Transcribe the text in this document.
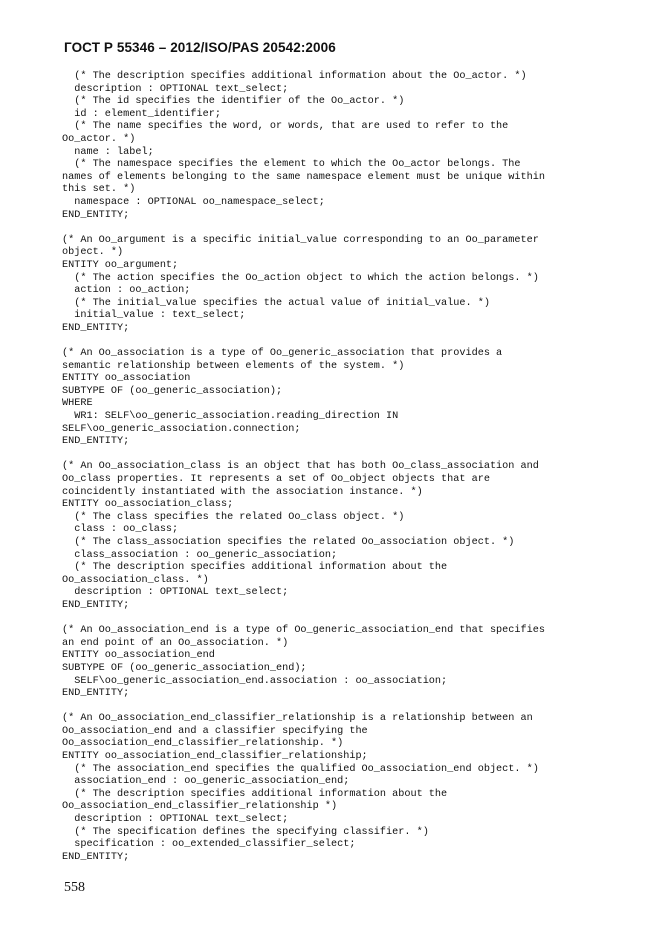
ГОСТ Р 55346 – 2012/ISO/PAS 20542:2006
(* The description specifies additional information about the Oo_actor. *)
description : OPTIONAL text_select;
(* The id specifies the identifier of the Oo_actor. *)
id : element_identifier;
(* The name specifies the word, or words, that are used to refer to the
Oo_actor. *)
name : label;
(* The namespace specifies the element to which the Oo_actor belongs. The
names of elements belonging to the same namespace element must be unique within
this set. *)
namespace : OPTIONAL oo_namespace_select;
END_ENTITY;
(* An Oo_argument is a specific initial_value corresponding to an Oo_parameter
object. *)
ENTITY oo_argument;
(* The action specifies the Oo_action object to which the action belongs. *)
action : oo_action;
(* The initial_value specifies the actual value of initial_value. *)
initial_value : text_select;
END_ENTITY;
(* An Oo_association is a type of Oo_generic_association that provides a
semantic relationship between elements of the system. *)
ENTITY oo_association
SUBTYPE OF (oo_generic_association);
WHERE
WR1: SELF\oo_generic_association.reading_direction IN
SELF\oo_generic_association.connection;
END_ENTITY;
(* An Oo_association_class is an object that has both Oo_class_association and
Oo_class properties. It represents a set of Oo_object objects that are
coincidently instantiated with the association instance. *)
ENTITY oo_association_class;
(* The class specifies the related Oo_class object. *)
class : oo_class;
(* The class_association specifies the related Oo_association object. *)
class_association : oo_generic_association;
(* The description specifies additional information about the
Oo_association_class. *)
description : OPTIONAL text_select;
END_ENTITY;
(* An Oo_association_end is a type of Oo_generic_association_end that specifies
an end point of an Oo_association. *)
ENTITY oo_association_end
SUBTYPE OF (oo_generic_association_end);
SELF\oo_generic_association_end.association : oo_association;
END_ENTITY;
(* An Oo_association_end_classifier_relationship is a relationship between an
Oo_association_end and a classifier specifying the
Oo_association_end_classifier_relationship. *)
ENTITY oo_association_end_classifier_relationship;
(* The association_end specifies the qualified Oo_association_end object. *)
association_end : oo_generic_association_end;
(* The description specifies additional information about the
Oo_association_end_classifier_relationship *)
description : OPTIONAL text_select;
(* The specification defines the specifying classifier. *)
specification : oo_extended_classifier_select;
END_ENTITY;
558
